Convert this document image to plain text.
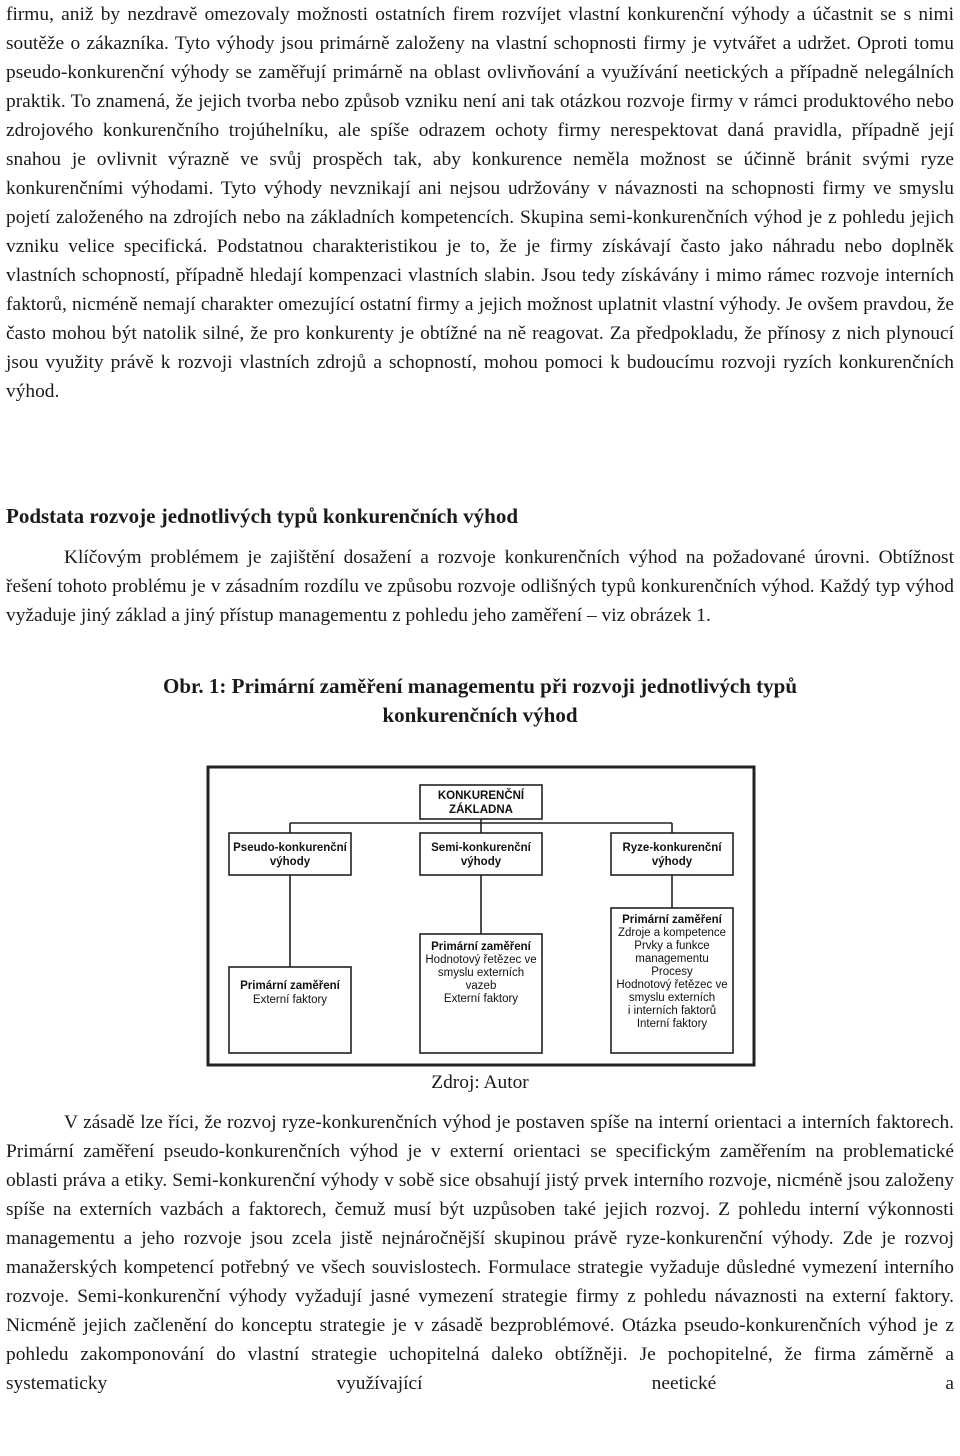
firmu, aniž by nezdravě omezovaly možnosti ostatních firem rozvíjet vlastní konkurenční výhody a účastnit se s nimi soutěže o zákazníka. Tyto výhody jsou primárně založeny na vlastní schopnosti firmy je vytvářet a udržet. Oproti tomu pseudo-konkurenční výhody se zaměřují primárně na oblast ovlivňování a využívání neetických a případně nelegálních praktik. To znamená, že jejich tvorba nebo způsob vzniku není ani tak otázkou rozvoje firmy v rámci produktového nebo zdrojového konkurenčního trojúhelníku, ale spíše odrazem ochoty firmy nerespektovat daná pravidla, případně její snahou je ovlivnit výrazně ve svůj prospěch tak, aby konkurence neměla možnost se účinně bránit svými ryze konkurenčními výhodami. Tyto výhody nevznikají ani nejsou udržovány v návaznosti na schopnosti firmy ve smyslu pojetí založeného na zdrojích nebo na základních kompetencích. Skupina semi-konkurenčních výhod je z pohledu jejich vzniku velice specifická. Podstatnou charakteristikou je to, že je firmy získávají často jako náhradu nebo doplněk vlastních schopností, případně hledají kompenzaci vlastních slabin. Jsou tedy získávány i mimo rámec rozvoje interních faktorů, nicméně nemají charakter omezující ostatní firmy a jejich možnost uplatnit vlastní výhody. Je ovšem pravdou, že často mohou být natolik silné, že pro konkurenty je obtížné na ně reagovat. Za předpokladu, že přínosy z nich plynoucí jsou využity právě k rozvoji vlastních zdrojů a schopností, mohou pomoci k budoucímu rozvoji ryzích konkurenčních výhod.

Podstata rozvoje jednotlivých typů konkurenčních výhod

Klíčovým problémem je zajištění dosažení a rozvoje konkurenčních výhod na požadované úrovni. Obtížnost řešení tohoto problému je v zásadním rozdílu ve způsobu rozvoje odlišných typů konkurenčních výhod. Každý typ výhod vyžaduje jiný základ a jiný přístup managementu z pohledu jeho zaměření – viz obrázek 1.

Obr. 1: Primární zaměření managementu při rozvoji jednotlivých typů
konkurenčních výhod
KONKURENČNÍ
ZÁKLADNA
Pseudo-konkurenční
výhody
Semi-konkurenční
výhody
Ryze-konkurenční
výhody
Primární zaměření
Externí faktory
Primární zaměření
Hodnotový řetězec ve
smyslu externích
vazeb
Externí faktory
Primární zaměření
Zdroje a kompetence
Prvky a funkce
managementu
Procesy
Hodnotový řetězec ve
smyslu externích
i interních faktorů
Interní faktory
Zdroj: Autor

V zásadě lze říci, že rozvoj ryze-konkurenčních výhod je postaven spíše na interní orientaci a interních faktorech. Primární zaměření pseudo-konkurenčních výhod je v externí orientaci se specifickým zaměřením na problematické oblasti práva a etiky. Semi-konkurenční výhody v sobě sice obsahují jistý prvek interního rozvoje, nicméně jsou založeny spíše na externích vazbách a faktorech, čemuž musí být uzpůsoben také jejich rozvoj. Z pohledu interní výkonnosti managementu a jeho rozvoje jsou zcela jistě nejnáročnější skupinou právě ryze-konkurenční výhody. Zde je rozvoj manažerských kompetencí potřebný ve všech souvislostech. Formulace strategie vyžaduje důsledné vymezení interního rozvoje. Semi-konkurenční výhody vyžadují jasné vymezení strategie firmy z pohledu návaznosti na externí faktory. Nicméně jejich začlenění do konceptu strategie je v zásadě bezproblémové. Otázka pseudo-konkurenčních výhod je z pohledu zakomponování do vlastní strategie uchopitelná daleko obtížněji. Je pochopitelné, že firma záměrně a systematicky využívající neetické a
